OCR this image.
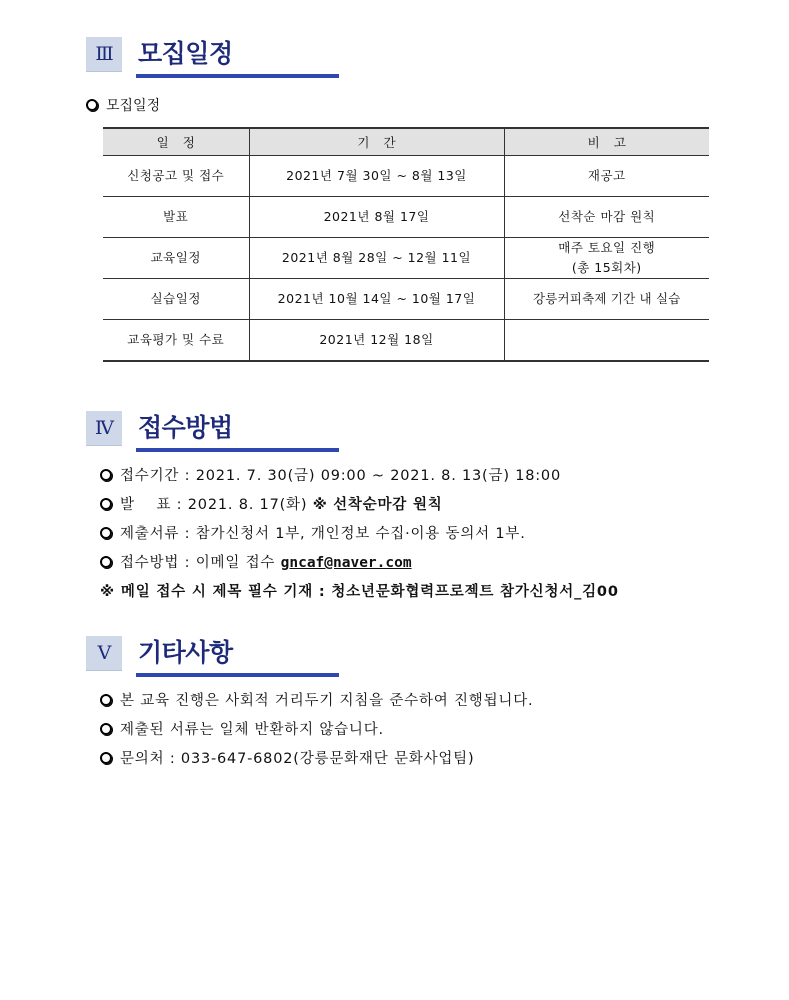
Ⅲ	모집일정
모집일정
일정	기간	비고
신청공고 및 접수	2021년 7월 30일 ~ 8월 13일	재공고
발표	2021년 8월 17일	선착순 마감 원칙
교육일정	2021년 8월 28일 ~ 12월 11일	매주 토요일 진행
(총 15회차)

실습일정	2021년 10월 14일 ~ 10월 17일	강릉커피축제 기간 내 실습
교육평가 및 수료	2021년 12월 18일	
Ⅳ	접수방법
접수기간 : 2021. 7. 30(금) 09:00 ~ 2021. 8. 13(금) 18:00
발    표 : 2021. 8. 17(화) ※ 선착순마감 원칙
제출서류 : 참가신청서 1부, 개인정보 수집·이용 동의서 1부.
접수방법 : 이메일 접수 gncaf@naver.com
※ 메일 접수 시 제목 필수 기재 : 청소년문화협력프로젝트 참가신청서_김00
Ⅴ	기타사항
본 교육 진행은 사회적 거리두기 지침을 준수하여 진행됩니다.
제출된 서류는 일체 반환하지 않습니다.
문의처 : 033-647-6802(강릉문화재단 문화사업팀)
